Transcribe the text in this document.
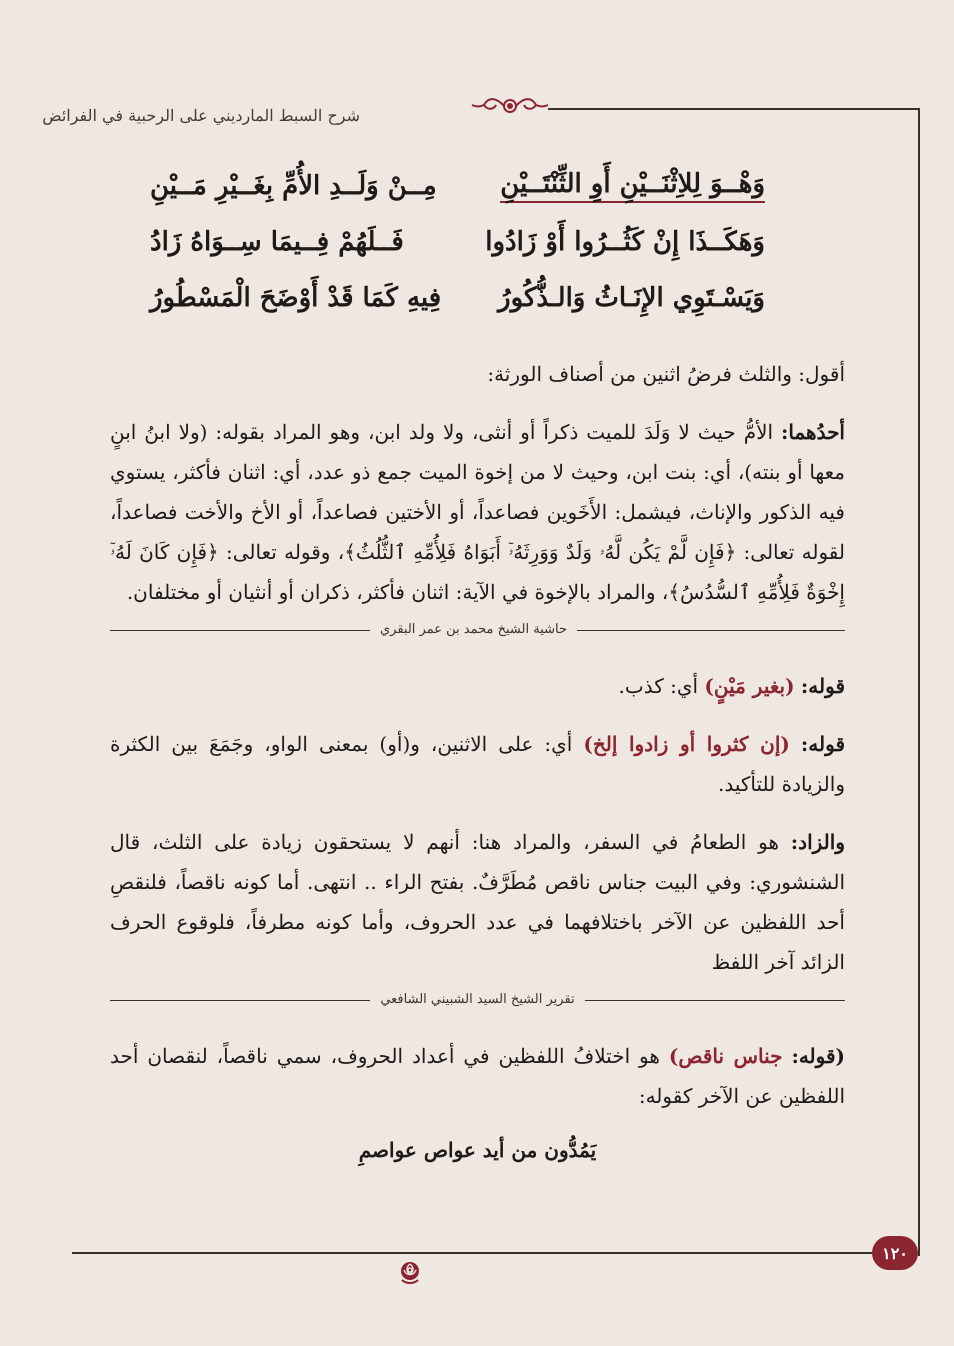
شرح السبط المارديني على الرحبية في الفرائض
وَهْــوَ لِلاِثْنَــيْنِ أَوِ الثِّنْتَــيْنِ
مِــنْ وَلَــدِ الأُمِّ بِغَــيْرِ مَــيْنِ
وَهَكَــذَا إِنْ كَثُــرُوا أَوْ زَادُوا
فَــلَهُمْ فِــيمَا سِــوَاهُ زَادُ
وَيَسْـتَوِي الإِنَـاثُ وَالـذُّكُورُ
فِيهِ كَمَا قَدْ أَوْضَحَ الْمَسْطُورُ

أقول: والثلث فرضُ اثنين من أصناف الورثة:

أحدُهما: الأمُّ حيث لا وَلَدَ للميت ذكراً أو أنثى، ولا ولد ابن، وهو المراد بقوله: (ولا ابنُ ابنٍ معها أو بنته)، أي: بنت ابن، وحيث لا من إخوة الميت جمع ذو عدد، أي: اثنان فأكثر، يستوي فيه الذكور والإناث، فيشمل: الأَخَوين فصاعداً، أو الأختين فصاعداً، أو الأخ والأخت فصاعداً، لقوله تعالى: ﴿فَإِن لَّمْ يَكُن لَّهُۥ وَلَدٌ وَوَرِثَهُۥٓ أَبَوَاهُ فَلِأُمِّهِ ٱلثُّلُثُ﴾، وقوله تعالى: ﴿فَإِن كَانَ لَهُۥٓ إِخْوَةٌ فَلِأُمِّهِ ٱلسُّدُسُ﴾، والمراد بالإخوة في الآية: اثنان فأكثر، ذكران أو أنثيان أو مختلفان.

حاشية الشيخ محمد بن عمر البقري

قوله: (بغير مَيْنٍ) أي: كذب.

قوله: (إن كثروا أو زادوا إلخ) أي: على الاثنين، و(أو) بمعنى الواو، وجَمَعَ بين الكثرة والزيادة للتأكيد.

والزاد: هو الطعامُ في السفر، والمراد هنا: أنهم لا يستحقون زيادة على الثلث، قال الشنشوري: وفي البيت جناس ناقص مُطَرَّفٌ. بفتح الراء .. انتهى. أما كونه ناقصاً، فلنقصِ أحد اللفظين عن الآخر باختلافهما في عدد الحروف، وأما كونه مطرفاً، فلوقوع الحرف الزائد آخر اللفظ

تقرير الشيخ السيد الشبيني الشافعي

(قوله: جناس ناقص) هو اختلافُ اللفظين في أعداد الحروف، سمي ناقصاً، لنقصان أحد اللفظين عن الآخر كقوله:

يَمُدُّون من أيد عواص عواصمِ

١٢٠
